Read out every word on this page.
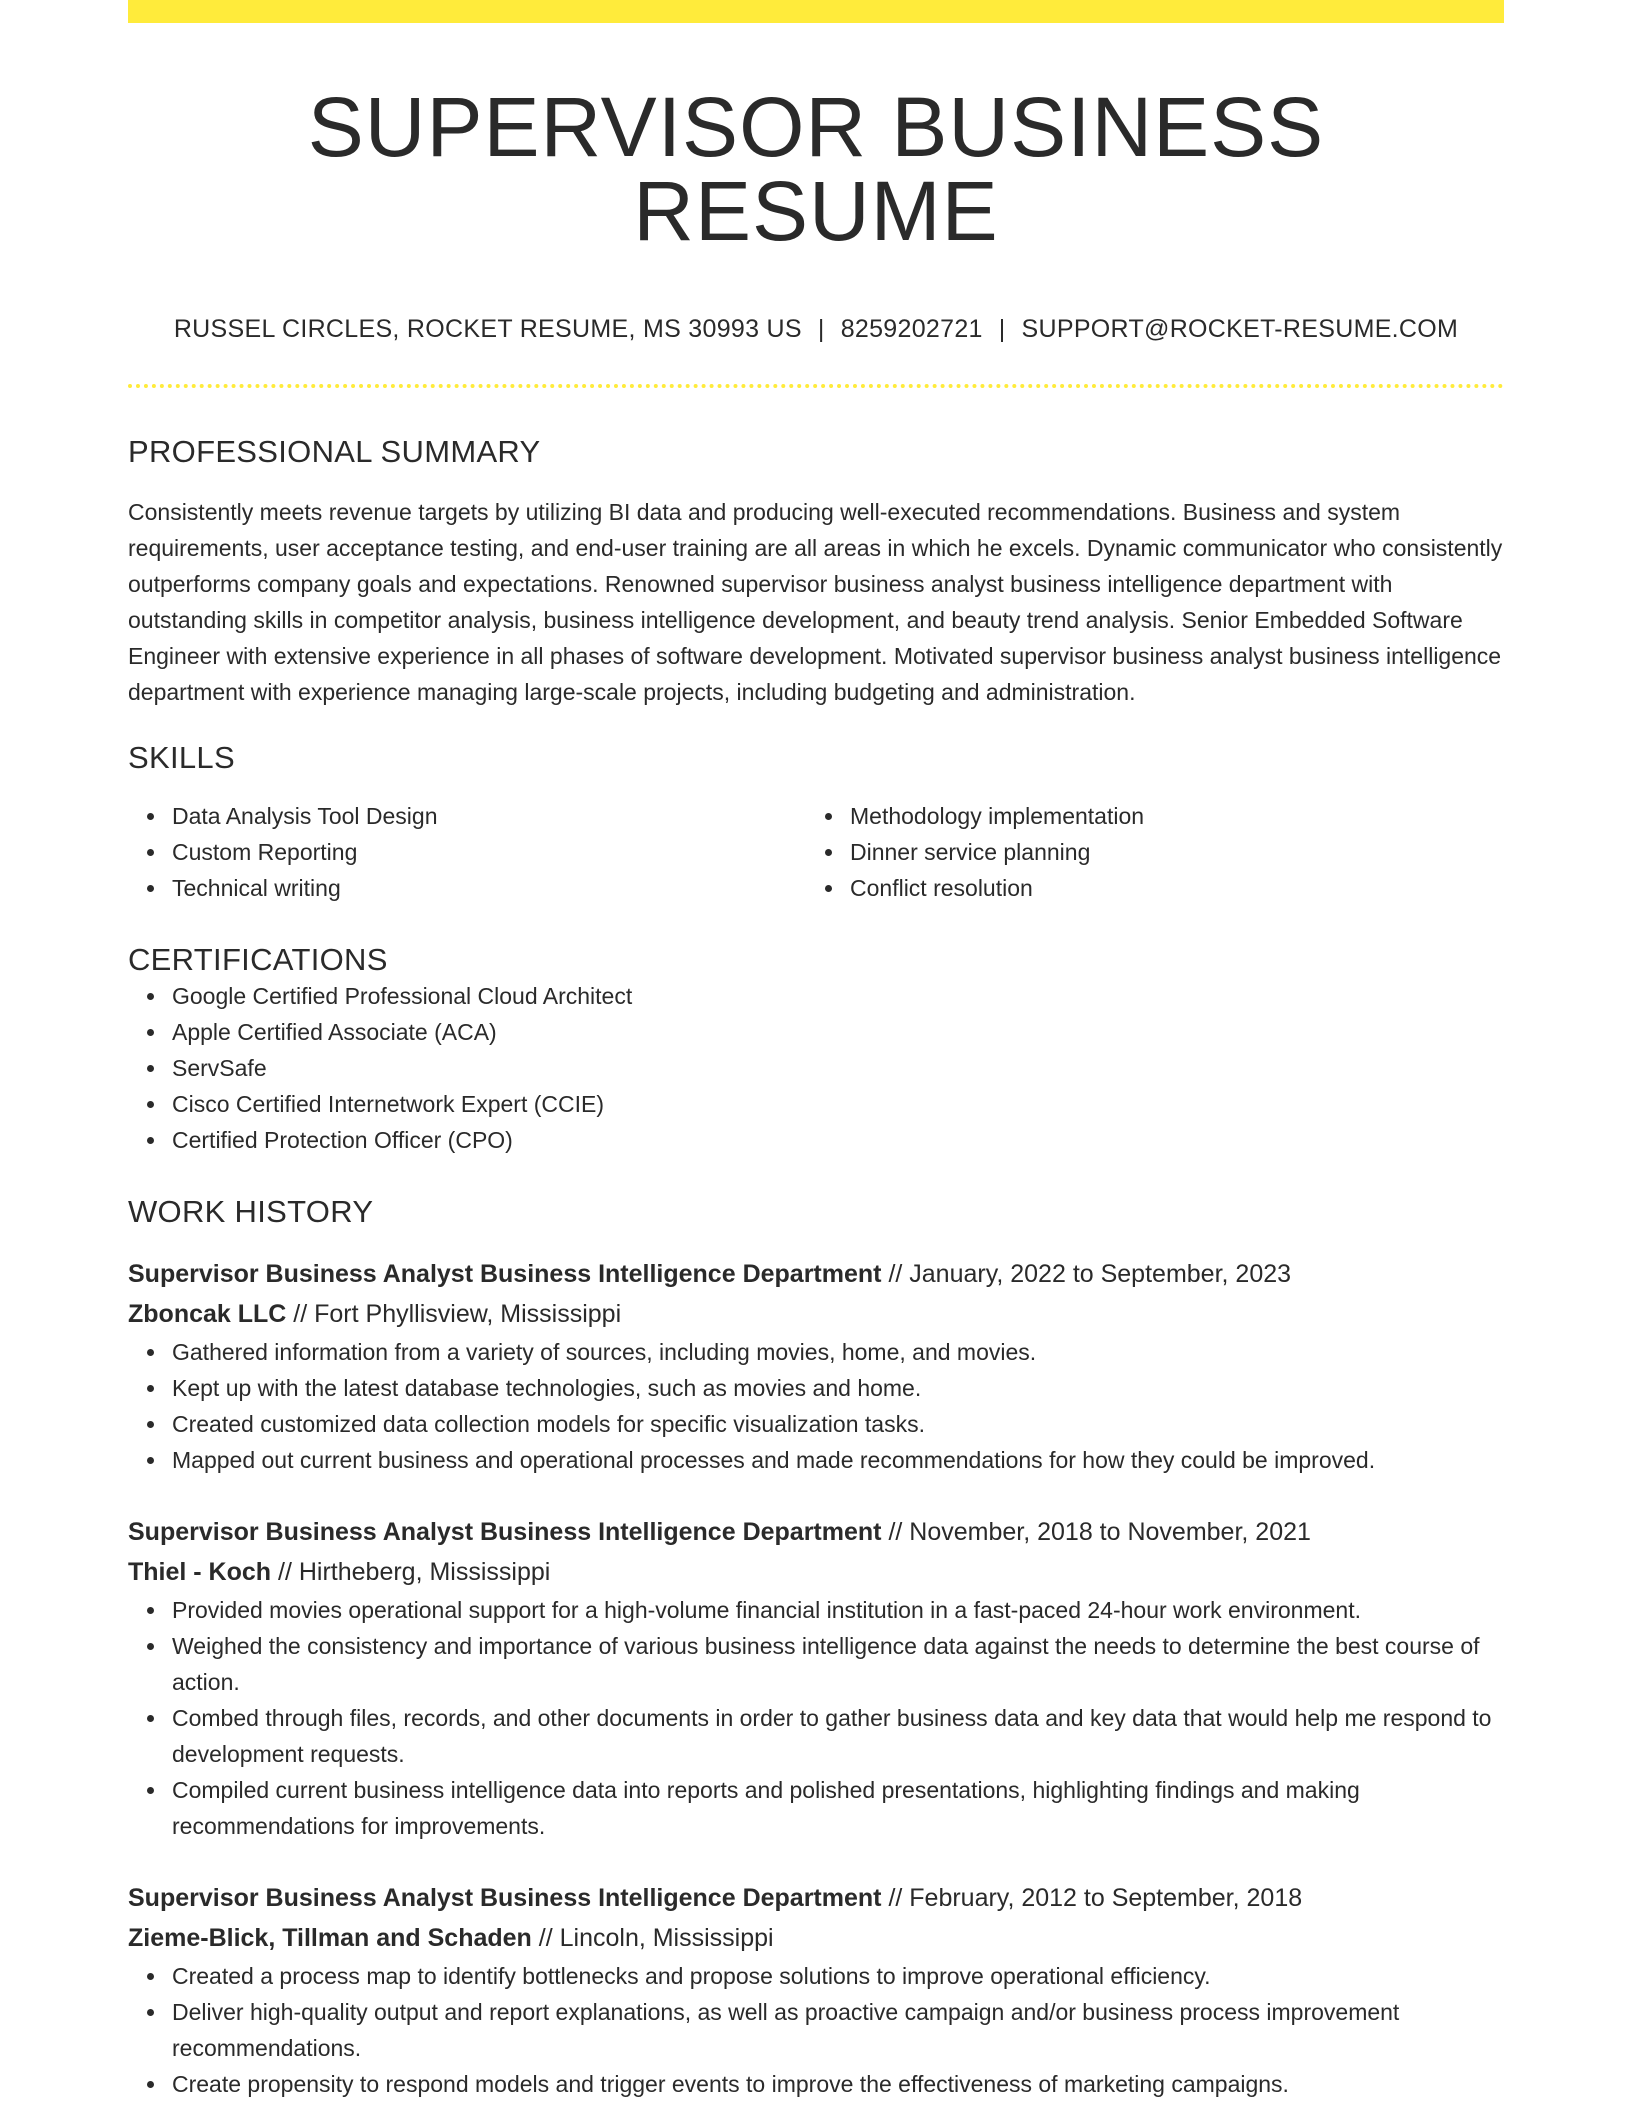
SUPERVISOR BUSINESS RESUME
RUSSEL CIRCLES, ROCKET RESUME, MS 30993 US | 8259202721 | SUPPORT@ROCKET-RESUME.COM
PROFESSIONAL SUMMARY

Consistently meets revenue targets by utilizing BI data and producing well-executed recommendations. Business and system requirements, user acceptance testing, and end-user training are all areas in which he excels. Dynamic communicator who consistently outperforms company goals and expectations. Renowned supervisor business analyst business intelligence department with outstanding skills in competitor analysis, business intelligence development, and beauty trend analysis. Senior Embedded Software Engineer with extensive experience in all phases of software development. Motivated supervisor business analyst business intelligence department with experience managing large-scale projects, including budgeting and administration.

SKILLS
Data Analysis Tool Design
Custom Reporting
Technical writing
Methodology implementation
Dinner service planning
Conflict resolution
CERTIFICATIONS
Google Certified Professional Cloud Architect
Apple Certified Associate (ACA)
ServSafe
Cisco Certified Internetwork Expert (CCIE)
Certified Protection Officer (CPO)
WORK HISTORY
Supervisor Business Analyst Business Intelligence Department // January, 2022 to September, 2023
Zboncak LLC // Fort Phyllisview, Mississippi
Gathered information from a variety of sources, including movies, home, and movies.
Kept up with the latest database technologies, such as movies and home.
Created customized data collection models for specific visualization tasks.
Mapped out current business and operational processes and made recommendations for how they could be improved.
Supervisor Business Analyst Business Intelligence Department // November, 2018 to November, 2021
Thiel - Koch // Hirtheberg, Mississippi
Provided movies operational support for a high-volume financial institution in a fast-paced 24-hour work environment.
Weighed the consistency and importance of various business intelligence data against the needs to determine the best course of action.
Combed through files, records, and other documents in order to gather business data and key data that would help me respond to development requests.
Compiled current business intelligence data into reports and polished presentations, highlighting findings and making recommendations for improvements.
Supervisor Business Analyst Business Intelligence Department // February, 2012 to September, 2018
Zieme-Blick, Tillman and Schaden // Lincoln, Mississippi
Created a process map to identify bottlenecks and propose solutions to improve operational efficiency.
Deliver high-quality output and report explanations, as well as proactive campaign and/or business process improvement recommendations.
Create propensity to respond models and trigger events to improve the effectiveness of marketing campaigns.
